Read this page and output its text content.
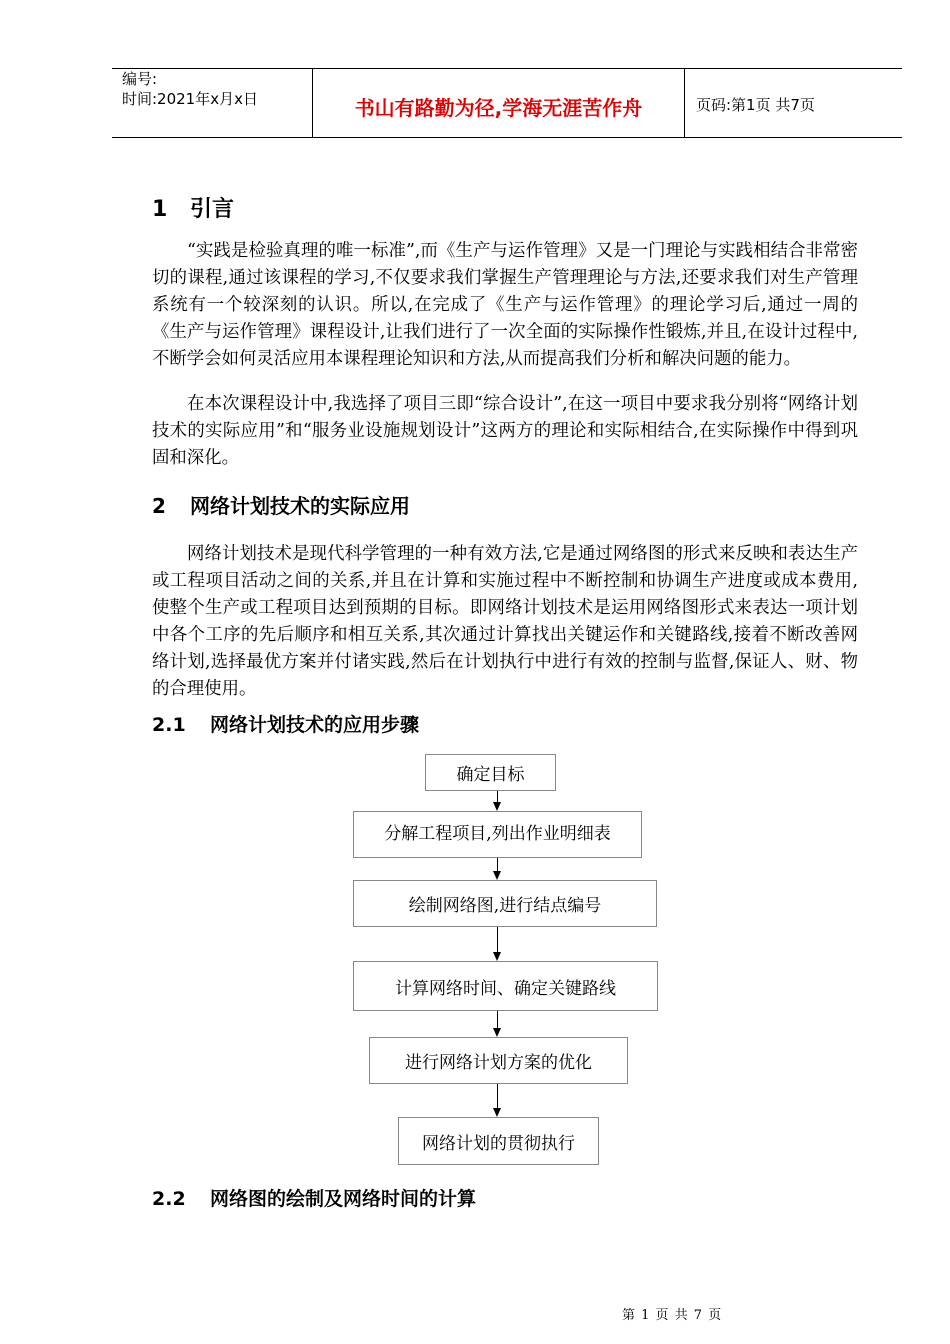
编号:
时间:2021年x月x日	书山有路勤为径,学海无涯苦作舟	页码:第1页 共7页
1 引言

“实践是检验真理的唯一标准”,而《生产与运作管理》又是一门理论与实践相结合非常密切的课程,通过该课程的学习,不仅要求我们掌握生产管理理论与方法,还要求我们对生产管理系统有一个较深刻的认识。所以,在完成了《生产与运作管理》的理论学习后,通过一周的《生产与运作管理》课程设计,让我们进行了一次全面的实际操作性锻炼,并且,在设计过程中,不断学会如何灵活应用本课程理论知识和方法,从而提高我们分析和解决问题的能力。

在本次课程设计中,我选择了项目三即“综合设计”,在这一项目中要求我分别将“网络计划技术的实际应用”和“服务业设施规划设计”这两方的理论和实际相结合,在实际操作中得到巩固和深化。

2 网络计划技术的实际应用

网络计划技术是现代科学管理的一种有效方法,它是通过网络图的形式来反映和表达生产或工程项目活动之间的关系,并且在计算和实施过程中不断控制和协调生产进度或成本费用,使整个生产或工程项目达到预期的目标。即网络计划技术是运用网络图形式来表达一项计划中各个工序的先后顺序和相互关系,其次通过计算找出关键运作和关键路线,接着不断改善网络计划,选择最优方案并付诸实践,然后在计划执行中进行有效的控制与监督,保证人、财、物的合理使用。

2.1 网络计划技术的应用步骤
确定目标
分解工程项目,列出作业明细表
绘制网络图,进行结点编号
计算网络时间、确定关键路线
进行网络计划方案的优化
网络计划的贯彻执行
2.2 网络图的绘制及网络时间的计算
第 1 页 共 7 页
